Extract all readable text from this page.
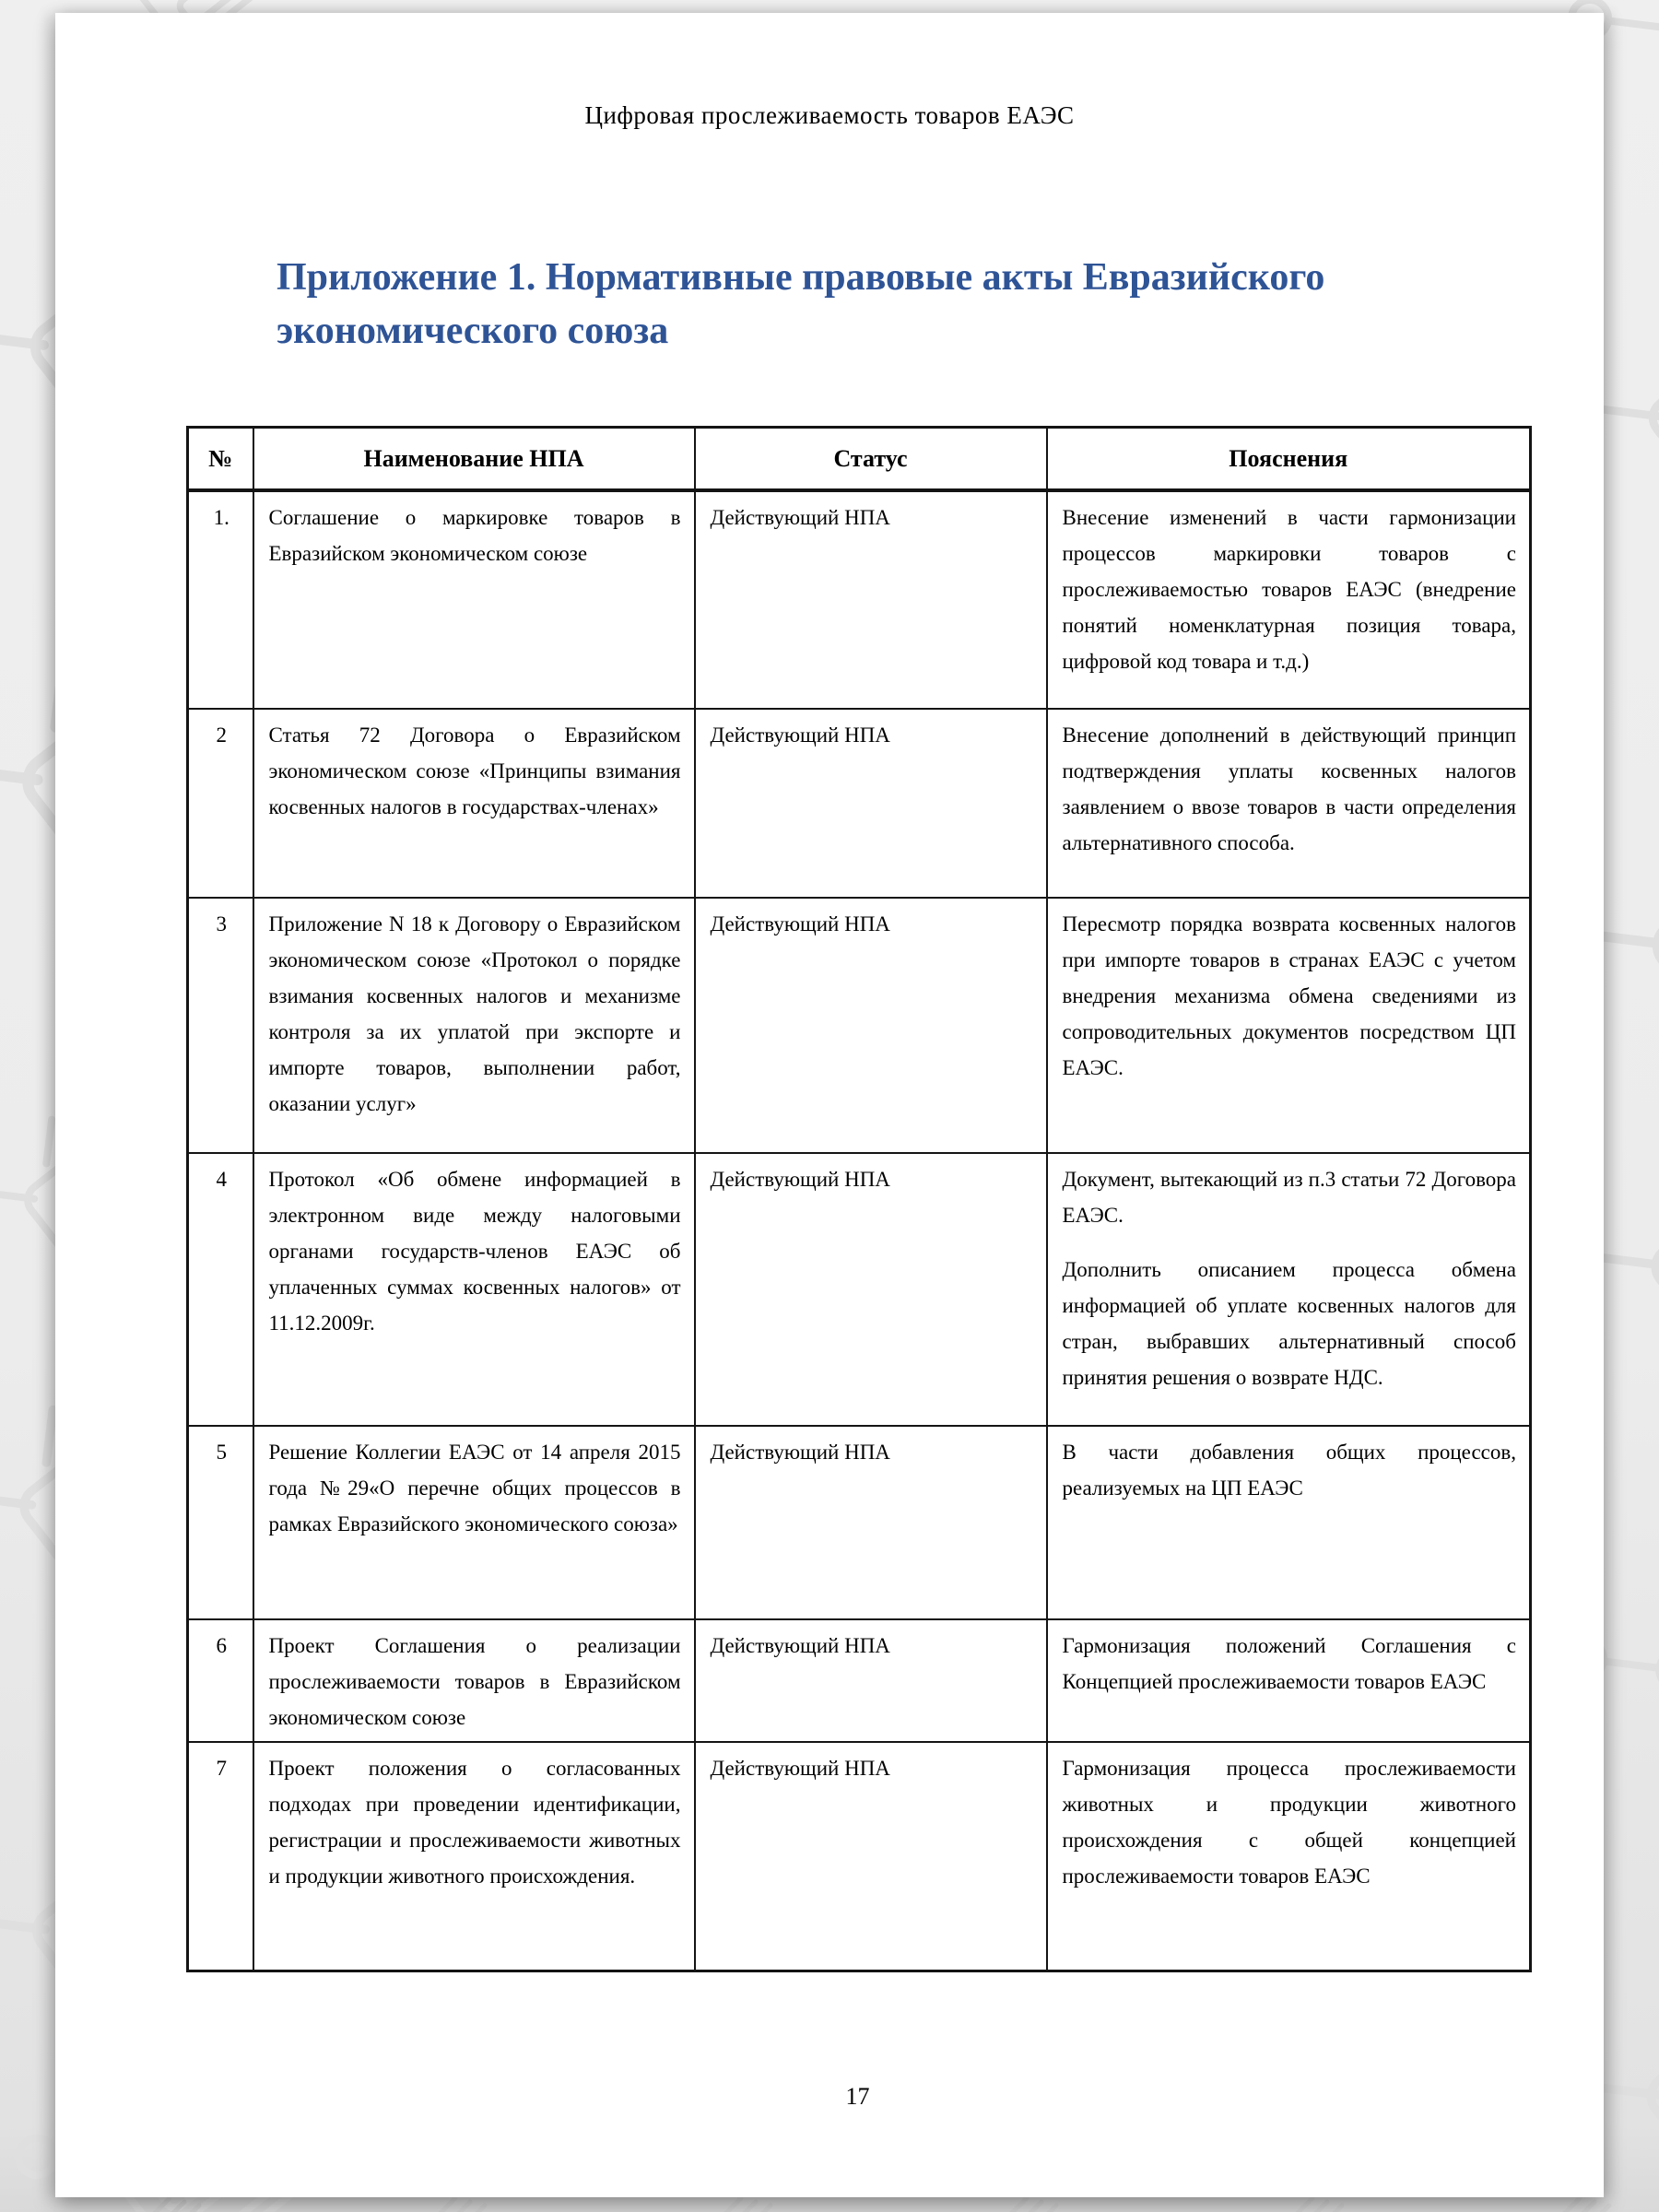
Цифровая прослеживаемость товаров ЕАЭС
Приложение 1. Нормативные правовые акты Евразийского экономического союза
№	Наименование НПА	Статус	Пояснения
1.	Соглашение о маркировке товаров в Евразийском экономическом союзе	Действующий НПА	Внесение изменений в части гармонизации процессов маркировки товаров с прослеживаемостью товаров ЕАЭС (внедрение понятий номенклатурная позиция товара, цифровой код товара и т.д.)

2	Статья 72 Договора о Евразийском экономическом союзе «Принципы взимания косвенных налогов в государствах-членах»	Действующий НПА	Внесение дополнений в действующий принцип подтверждения уплаты косвенных налогов заявлением о ввозе товаров в части определения альтернативного способа.

3	Приложение N 18 к Договору о Евразийском экономическом союзе «Протокол о порядке взимания косвенных налогов и механизме контроля за их уплатой при экспорте и импорте товаров, выполнении работ, оказании услуг»	Действующий НПА	Пересмотр порядка возврата косвенных налогов при импорте товаров в странах ЕАЭС с учетом внедрения механизма обмена сведениями из сопроводительных документов посредством ЦП ЕАЭС.

4	Протокол «Об обмене информацией в электронном виде между налоговыми органами государств-членов ЕАЭС об уплаченных суммах косвенных налогов» от 11.12.2009г.	Действующий НПА	Документ, вытекающий из п.3 статьи 72 Договора ЕАЭС.

Дополнить описанием процесса обмена информацией об уплате косвенных налогов для стран, выбравших альтернативный способ принятия решения о возврате НДС.

5	Решение Коллегии ЕАЭС от 14 апреля 2015 года №29«О перечне общих процессов в рамках Евразийского экономического союза»	Действующий НПА	В части добавления общих процессов, реализуемых на ЦП ЕАЭС

6	Проект Соглашения о реализации прослеживаемости товаров в Евразийском экономическом союзе	Действующий НПА	Гармонизация положений Соглашения с Концепцией прослеживаемости товаров ЕАЭС

7	Проект положения о согласованных подходах при проведении идентификации, регистрации и прослеживаемости животных и продукции животного происхождения.	Действующий НПА	Гармонизация процесса прослеживаемости животных и продукции животного происхождения с общей концепцией прослеживаемости товаров ЕАЭС

17
